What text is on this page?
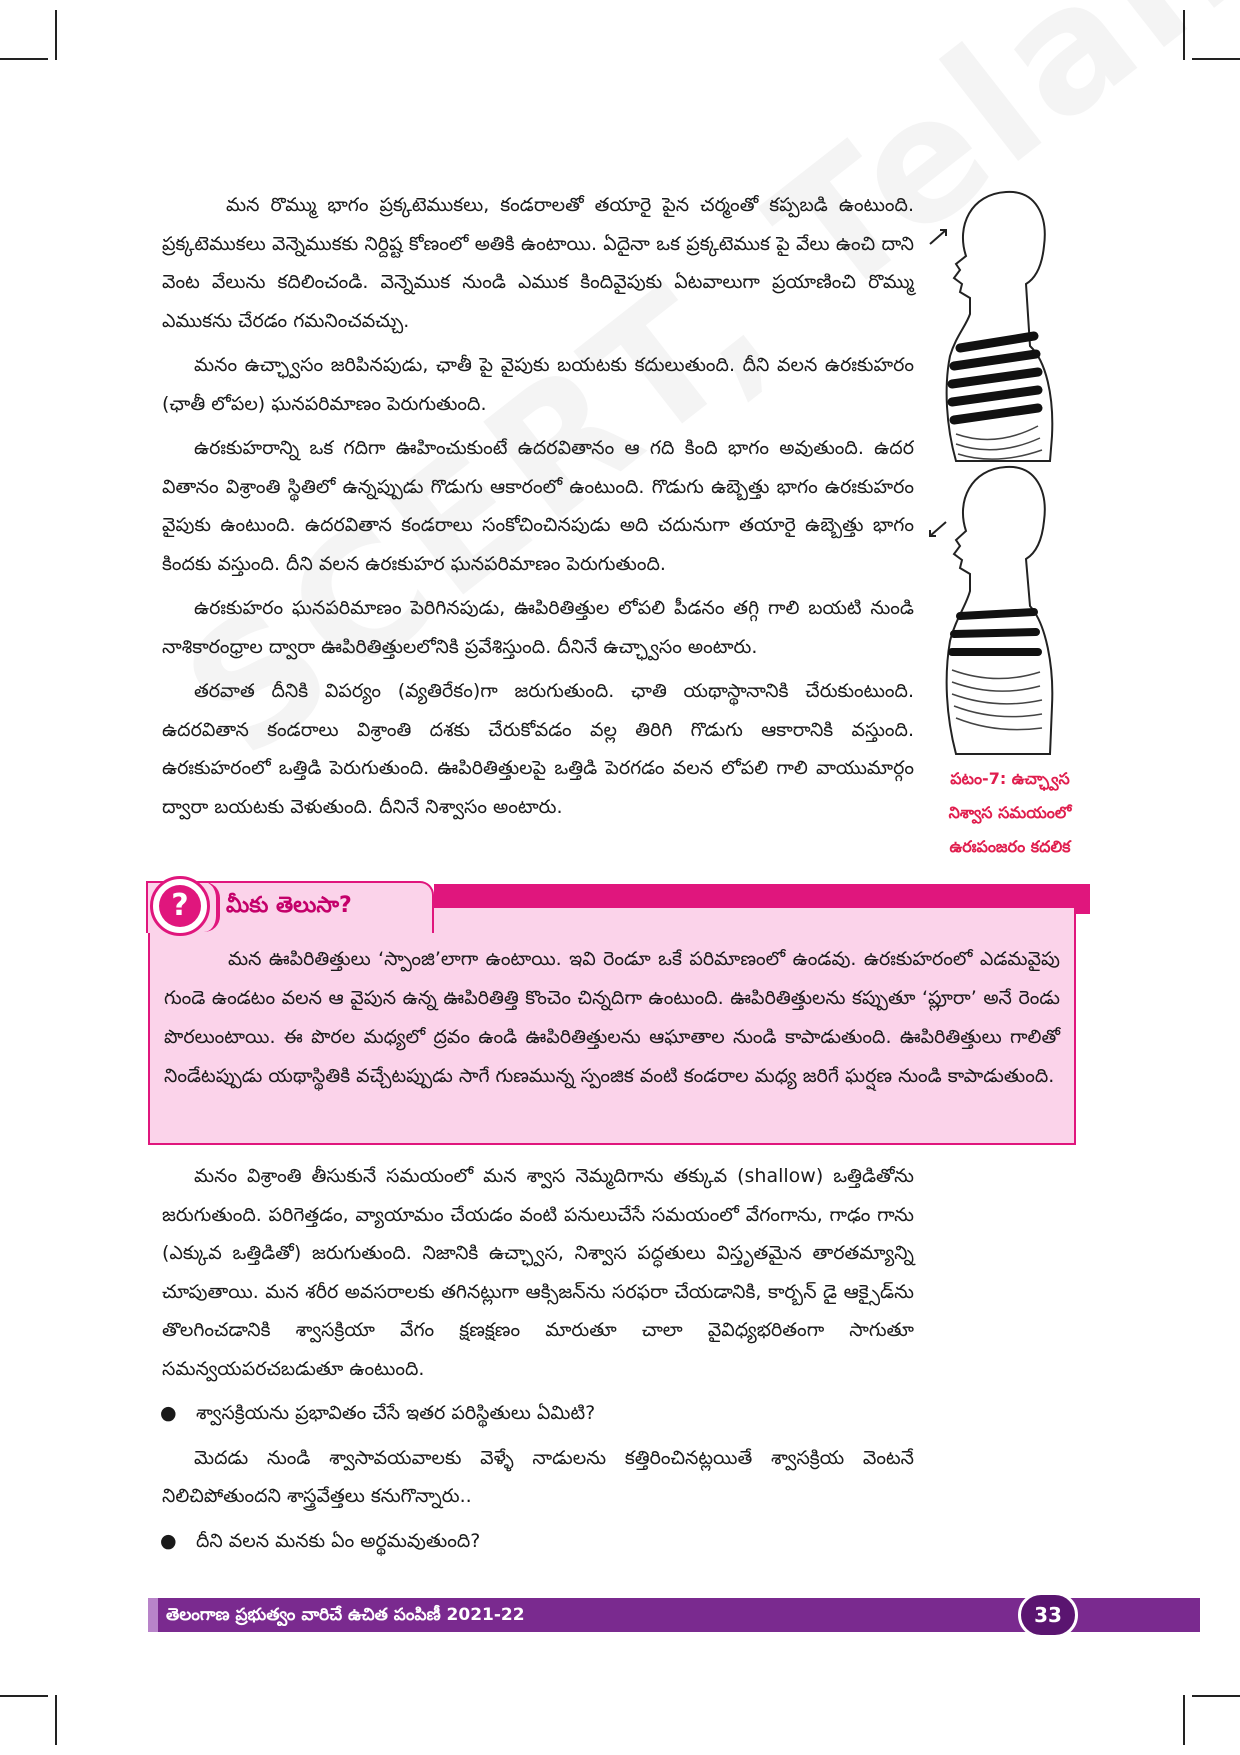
మన రొమ్ము భాగం ప్రక్కటెముకలు, కండరాలతో తయారై పైన చర్మంతో కప్పబడి ఉంటుంది. ప్రక్కటెముకలు వెన్నెముకకు నిర్దిష్ట కోణంలో అతికి ఉంటాయి. ఏదైనా ఒక ప్రక్కటెముక పై వేలు ఉంచి దాని వెంట వేలును కదిలించండి. వెన్నెముక నుండి ఎముక కిందివైపుకు ఏటవాలుగా ప్రయాణించి రొమ్ము ఎముకను చేరడం గమనించవచ్చు.

మనం ఉచ్ఛ్వాసం జరిపినపుడు, ఛాతీ పై వైపుకు బయటకు కదులుతుంది. దీని వలన ఉరఃకుహరం (ఛాతీ లోపల) ఘనపరిమాణం పెరుగుతుంది.

ఉరఃకుహరాన్ని ఒక గదిగా ఊహించుకుంటే ఉదరవితానం ఆ గది కింది భాగం అవుతుంది. ఉదర వితానం విశ్రాంతి స్థితిలో ఉన్నప్పుడు గొడుగు ఆకారంలో ఉంటుంది. గొడుగు ఉబ్బెత్తు భాగం ఉరఃకుహరం వైపుకు ఉంటుంది. ఉదరవితాన కండరాలు సంకోచించినపుడు అది చదునుగా తయారై ఉబ్బెత్తు భాగం కిందకు వస్తుంది. దీని వలన ఉరఃకుహర ఘనపరిమాణం పెరుగుతుంది.

ఉరఃకుహరం ఘనపరిమాణం పెరిగినపుడు, ఊపిరితిత్తుల లోపలి పీడనం తగ్గి గాలి బయటి నుండి నాశికారంధ్రాల ద్వారా ఊపిరితిత్తులలోనికి ప్రవేశిస్తుంది. దీనినే ఉచ్ఛ్వాసం అంటారు.

తరవాత దీనికి విపర్యం (వ్యతిరేకం)గా జరుగుతుంది. ఛాతి యథాస్థానానికి చేరుకుంటుంది. ఉదరవితాన కండరాలు విశ్రాంతి దశకు చేరుకోవడం వల్ల తిరిగి గొడుగు ఆకారానికి వస్తుంది. ఉరఃకుహరంలో ఒత్తిడి పెరుగుతుంది. ఊపిరితిత్తులపై ఒత్తిడి పెరగడం వలన లోపలి గాలి వాయుమార్గం ద్వారా బయటకు వెళుతుంది. దీనినే నిశ్వాసం అంటారు.

పటం-7: ఉచ్ఛ్వాస
నిశ్వాస సమయంలో
ఉరఃపంజరం కదలిక
?	మీకు తెలుసా?

మన ఊపిరితిత్తులు ‘స్పాంజి’లాగా ఉంటాయి. ఇవి రెండూ ఒకే పరిమాణంలో ఉండవు. ఉరఃకుహరంలో ఎడమవైపు గుండె ఉండటం వలన ఆ వైపున ఉన్న ఊపిరితిత్తి కొంచెం చిన్నదిగా ఉంటుంది. ఊపిరితిత్తులను కప్పుతూ ‘ప్లూరా’ అనే రెండు పొరలుంటాయి. ఈ పొరల మధ్యలో ద్రవం ఉండి ఊపిరితిత్తులను ఆఘాతాల నుండి కాపాడుతుంది. ఊపిరితిత్తులు గాలితో నిండేటప్పుడు యథాస్థితికి వచ్చేటప్పుడు సాగే గుణమున్న స్పంజిక వంటి కండరాల మధ్య జరిగే ఘర్షణ నుండి కాపాడుతుంది.

మనం విశ్రాంతి తీసుకునే సమయంలో మన శ్వాస నెమ్మదిగాను తక్కువ (shallow) ఒత్తిడితోను జరుగుతుంది. పరిగెత్తడం, వ్యాయామం చేయడం వంటి పనులుచేసే సమయంలో వేగంగాను, గాఢం గాను (ఎక్కువ ఒత్తిడితో) జరుగుతుంది. నిజానికి ఉచ్ఛ్వాస, నిశ్వాస పద్ధతులు విస్తృతమైన తారతమ్యాన్ని చూపుతాయి. మన శరీర అవసరాలకు తగినట్లుగా ఆక్సిజన్‌ను సరఫరా చేయడానికి, కార్బన్ డై ఆక్సైడ్‌ను తొలగించడానికి శ్వాసక్రియా వేగం క్షణక్షణం మారుతూ చాలా వైవిధ్యభరితంగా సాగుతూ సమన్వయపరచబడుతూ ఉంటుంది.

●	శ్వాసక్రియను ప్రభావితం చేసే ఇతర పరిస్థితులు ఏమిటి?

మెదడు నుండి శ్వాసావయవాలకు వెళ్ళే నాడులను కత్తిరించినట్లయితే శ్వాసక్రియ వెంటనే నిలిచిపోతుందని శాస్త్రవేత్తలు కనుగొన్నారు..

●	దీని వలన మనకు ఏం అర్థమవుతుంది?
తెలంగాణ ప్రభుత్వం వారిచే ఉచిత పంపిణీ 2021-22	33
